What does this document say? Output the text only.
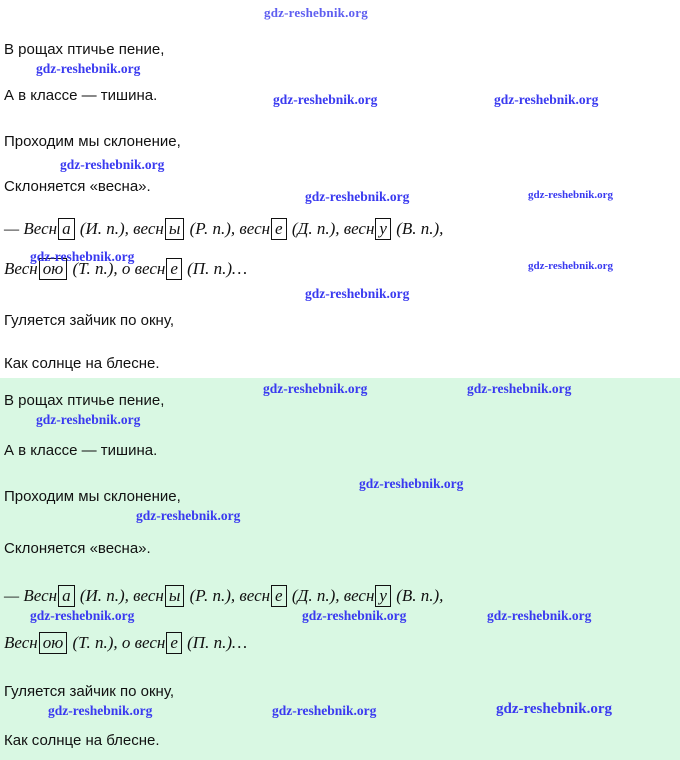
gdz-reshebnik.org
В рощах птичье пение,
А в классе — тишина.
Проходим мы склонение,
Склоняется «весна».
— Весн а (И. п.), весн ы (Р. п.), весн е (Д. п.), весн у (В. п.),
Весн ою (Т. п.), о весн е (П. п.)…
Гуляется зайчик по окну,
Как солнце на блесне.
gdz-reshebnik.org
gdz-reshebnik.org	gdz-reshebnik.org
gdz-reshebnik.org
gdz-reshebnik.org	gdz-reshebnik.org
gdz-reshebnik.org
gdz-reshebnik.org
gdz-reshebnik.org
В рощах птичье пение,
А в классе — тишина.
Проходим мы склонение,
Склоняется «весна».
— Весн а (И. п.), весн ы (Р. п.), весн е (Д. п.), весн у (В. п.),
Весн ою (Т. п.), о весн е (П. п.)…
Гуляется зайчик по окну,
Как солнце на блесне.
gdz-reshebnik.org	gdz-reshebnik.org
gdz-reshebnik.org
gdz-reshebnik.org
gdz-reshebnik.org
gdz-reshebnik.org	gdz-reshebnik.org	gdz-reshebnik.org
gdz-reshebnik.org	gdz-reshebnik.org	gdz-reshebnik.org
